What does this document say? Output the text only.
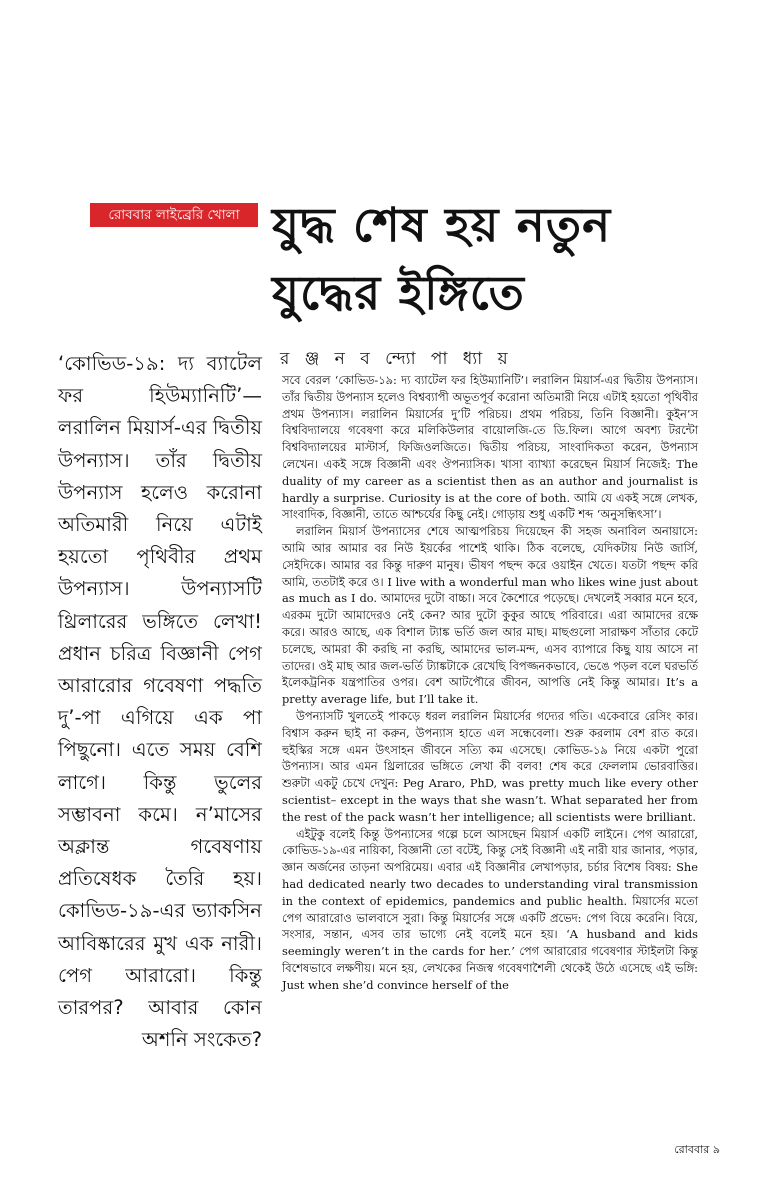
রোববার লাইব্রেরি খোলা যুদ্ধ শেষ হয় নতুন
যুদ্ধের ইঙ্গিতে
র ঞ্জ ন ব ন্দ্যো পা ধ্যা য়

‘কোভিড-১৯: দ্য ব্যাটেল ফর হিউম্যানিটি’— লরালিন মিয়ার্স-এর দ্বিতীয় উপন্যাস। তাঁর দ্বিতীয় উপন্যাস হলেও করোনা অতিমারী নিয়ে এটাই হয়তো পৃথিবীর প্রথম উপন্যাস। উপন্যাসটি থ্রিলারের ভঙ্গিতে লেখা! প্রধান চরিত্র বিজ্ঞানী পেগ আরারোর গবেষণা পদ্ধতি দু’-পা এগিয়ে এক পা পিছুনো। এতে সময় বেশি লাগে। কিন্তু ভুলের সম্ভাবনা কমে। ন’মাসের অক্লান্ত গবেষণায় প্রতিষেধক তৈরি হয়। কোভিড-১৯-এর ভ্যাকসিন আবিষ্কারের মুখ এক নারী। পেগ আরারো। কিন্তু তারপর? আবার কোন অশনি সংকেত?

সবে বেরল ‘কোভিড-১৯: দ্য ব্যাটেল ফর হিউম্যানিটি’। লরালিন মিয়ার্স-এর দ্বিতীয় উপন্যাস। তাঁর দ্বিতীয় উপন্যাস হলেও বিশ্বব্যাপী অভূতপূর্ব করোনা অতিমারী নিয়ে এটাই হয়তো পৃথিবীর প্রথম উপন্যাস। লরালিন মিয়ার্সের দু’টি পরিচয়। প্রথম পরিচয়, তিনি বিজ্ঞানী। কুইন’স বিশ্ববিদ্যালয়ে গবেষণা করে মলিকিউলার বায়োলজি-তে ডি.ফিল। আগে অবশ্য টরন্টো বিশ্ববিদ্যালয়ের মাস্টার্স, ফিজিওলজিতে। দ্বিতীয় পরিচয়, সাংবাদিকতা করেন, উপন্যাস লেখেন। একই সঙ্গে বিজ্ঞানী এবং ঔপন্যাসিক। খাসা ব্যাখ্যা করেছেন মিয়ার্স নিজেই: The duality of my career as a scientist then as an author and journalist is hardly a surprise. Curiosity is at the core of both. আমি যে একই সঙ্গে লেখক, সাংবাদিক, বিজ্ঞানী, তাতে আশ্চর্যের কিছু নেই। গোড়ায় শুধু একটি শব্দ ‘অনুসন্ধিৎসা’।

লরালিন মিয়ার্স উপন্যাসের শেষে আত্মপরিচয় দিয়েছেন কী সহজ অনাবিল অনায়াসে: আমি আর আমার বর নিউ ইয়র্কের পাশেই থাকি। ঠিক বলেছে, যেদিকটায় নিউ জার্সি, সেইদিকে। আমার বর কিন্তু দারুণ মানুষ। ভীষণ পছন্দ করে ওয়াইন খেতে। যতটা পছন্দ করি আমি, ততটাই করে ও। I live with a wonderful man who likes wine just about as much as I do. আমাদের দুটো বাচ্চা। সবে কৈশোরে পড়েছে। দেখলেই সব্বার মনে হবে, এরকম দুটো আমাদেরও নেই কেন? আর দুটো কুকুর আছে পরিবারে। এরা আমাদের রক্ষে করে। আরও আছে, এক বিশাল ট্যাঙ্ক ভর্তি জল আর মাছ। মাছগুলো সারাক্ষণ সাঁতার কেটে চলেছে, আমরা কী করছি না করছি, আমাদের ভাল-মন্দ, এসব ব্যাপারে কিছু যায় আসে না তাদের। ওই মাছ আর জল-ভর্তি ট্যাঙ্কটাকে রেখেছি বিপজ্জনকভাবে, ভেঙে পড়ল বলে ঘরভর্তি ইলেকট্রনিক যন্ত্রপাতির ওপর। বেশ আটপৌরে জীবন, আপত্তি নেই কিন্তু আমার। It’s a pretty average life, but I’ll take it.

উপন্যাসটি খুলতেই পাকড়ে ধরল লরালিন মিয়ার্সের গদ্যের গতি। একেবারে রেসিং কার। বিশ্বাস করুন ছাই না করুন, উপন্যাস হাতে এল সন্ধেবেলা। শুরু করলাম বেশ রাত করে। হুইস্কির সঙ্গে এমন উৎসাহন জীবনে সত্যি কম এসেছে। কোভিড-১৯ নিয়ে একটা পুরো উপন্যাস। আর এমন থ্রিলারের ভঙ্গিতে লেখা কী বলব! শেষ করে ফেললাম ভোরবাত্তির। শুরুটা একটু চেখে দেখুন: Peg Araro, PhD, was pretty much like every other scientist– except in the ways that she wasn’t. What separated her from the rest of the pack wasn’t her intelligence; all scientists were brilliant.

এইটুকু বলেই কিন্তু উপন্যাসের গল্পে চলে আসছেন মিয়ার্স একটি লাইনে। পেগ আরারো, কোভিড-১৯-এর নায়িকা, বিজ্ঞানী তো বটেই, কিন্তু সেই বিজ্ঞানী এই নারী যার জানার, পড়ার, জ্ঞান অর্জনের তাড়না অপরিমেয়। এবার এই বিজ্ঞানীর লেখাপড়ার, চর্চার বিশেষ বিষয়: She had dedicated nearly two decades to understanding viral transmission in the context of epidemics, pandemics and public health. মিয়ার্সের মতো পেগ আরারোও ভালবাসে সুরা। কিন্তু মিয়ার্সের সঙ্গে একটি প্রভেদ: পেগ বিয়ে করেনি। বিয়ে, সংসার, সন্তান, এসব তার ভাগ্যে নেই বলেই মনে হয়। ‘A husband and kids seemingly weren’t in the cards for her.’ পেগ আরারোর গবেষণার স্টাইলটা কিন্তু বিশেষভাবে লক্ষণীয়। মনে হয়, লেখকের নিজস্ব গবেষণাশৈলী থেকেই উঠে এসেছে এই ভঙ্গি: Just when she’d convince herself of the

রোববার ৯
